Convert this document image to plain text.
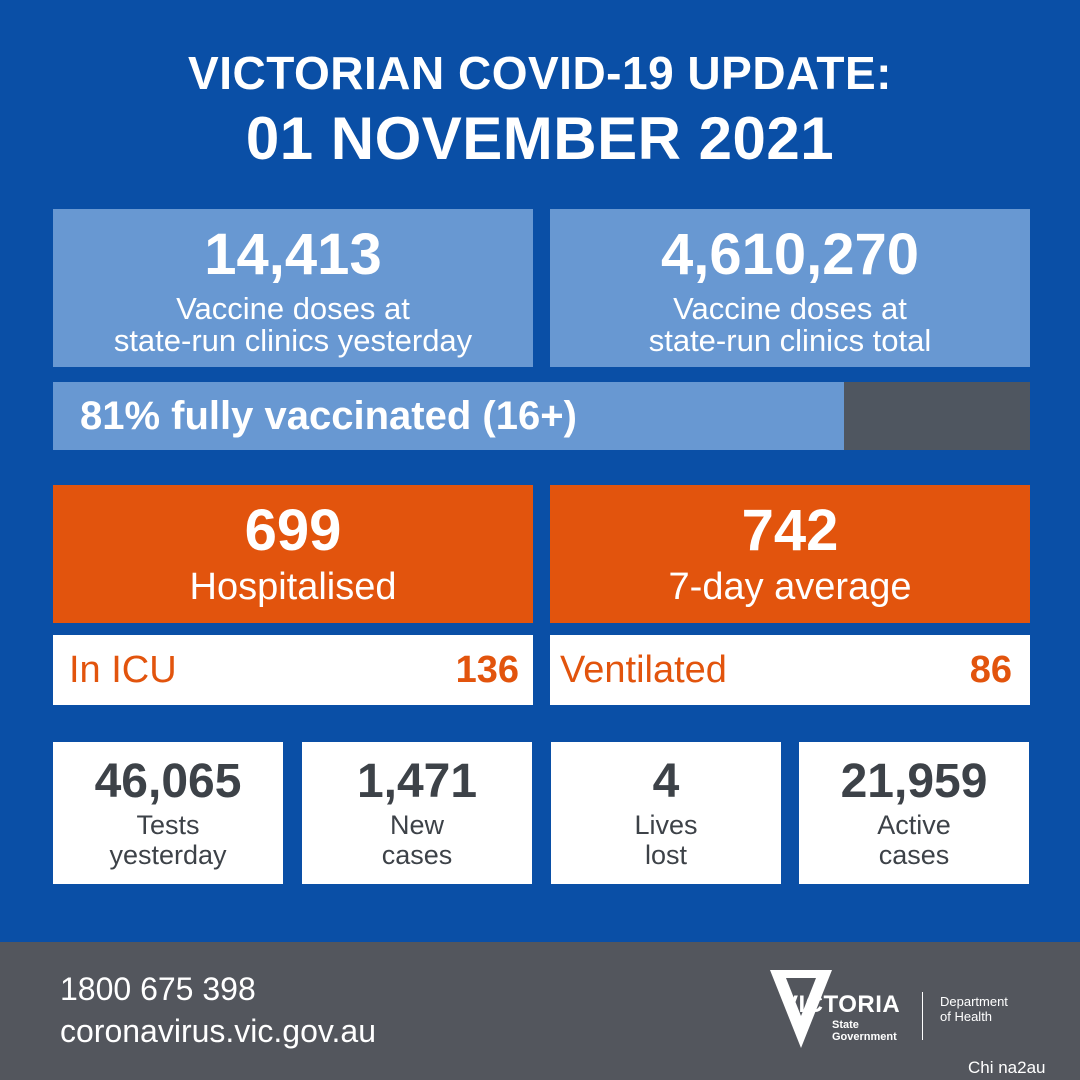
VICTORIAN COVID-19 UPDATE:
01 NOVEMBER 2021
14,413
Vaccine doses at
state-run clinics yesterday
4,610,270
Vaccine doses at
state-run clinics total
81% fully vaccinated (16+)
699
Hospitalised
742
7-day average
In ICU	136 Ventilated	86
46,065
Tests
yesterday
1,471
New
cases
4
Lives
lost
21,959
Active
cases
1800 675 398
coronavirus.vic.gov.au
VICTORIA
State
Government
Department
of Health
Chi na2au
